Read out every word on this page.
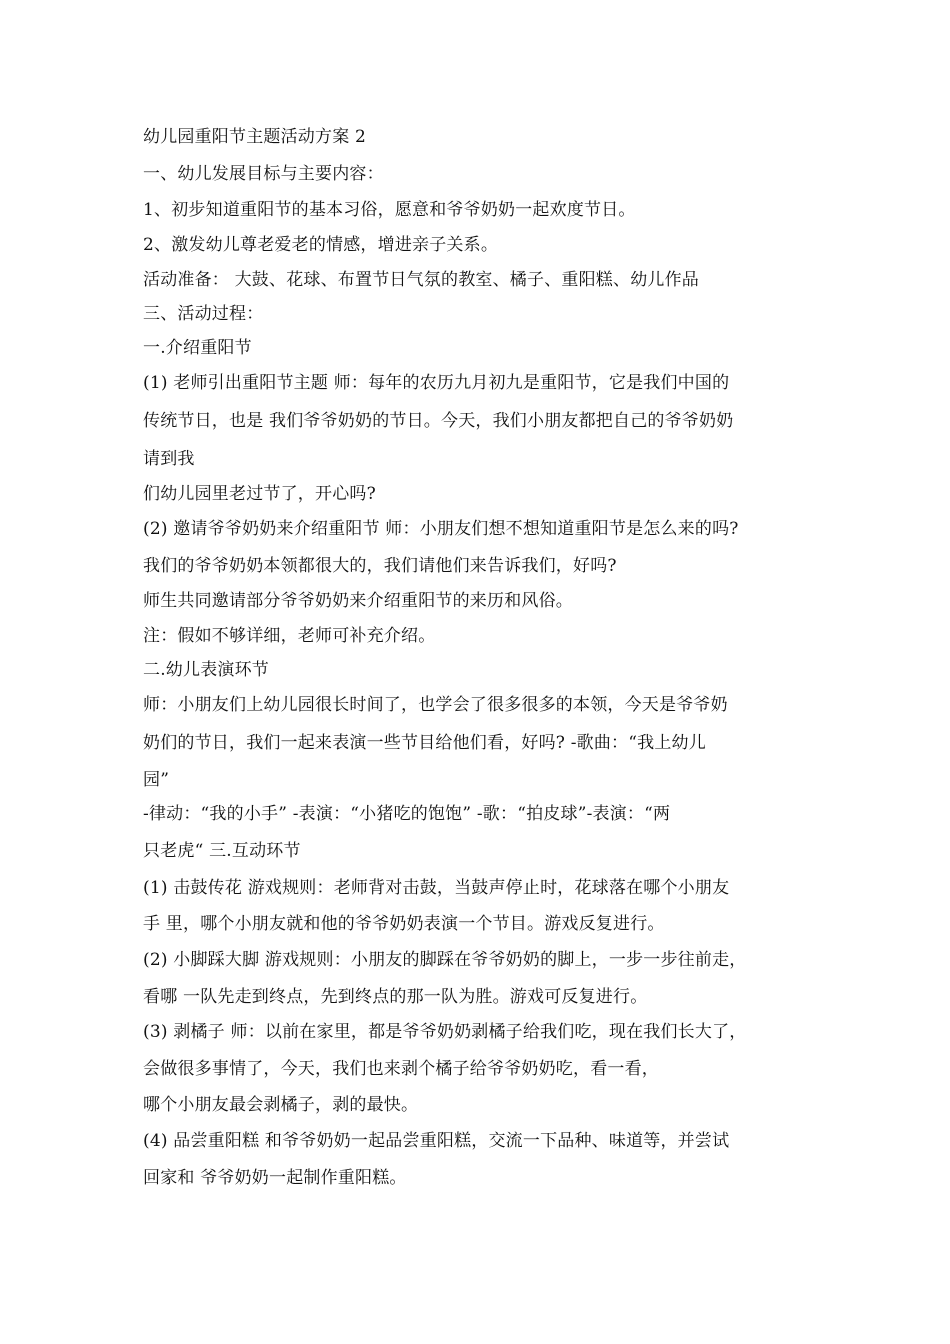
幼儿园重阳节主题活动方案 2
一、幼儿发展目标与主要内容：
1、初步知道重阳节的基本习俗，愿意和爷爷奶奶一起欢度节日。
2、激发幼儿尊老爱老的情感，增进亲子关系。
活动准备： 大鼓、花球、布置节日气氛的教室、橘子、重阳糕、幼儿作品
三、活动过程：
一.介绍重阳节
(1) 老师引出重阳节主题 师：每年的农历九月初九是重阳节，它是我们中国的
传统节日，也是 我们爷爷奶奶的节日。今天，我们小朋友都把自己的爷爷奶奶
请到我
们幼儿园里老过节了，开心吗?
(2) 邀请爷爷奶奶来介绍重阳节 师：小朋友们想不想知道重阳节是怎么来的吗?
我们的爷爷奶奶本领都很大的，我们请他们来告诉我们，好吗?
师生共同邀请部分爷爷奶奶来介绍重阳节的来历和风俗。
注：假如不够详细，老师可补充介绍。
二.幼儿表演环节
师：小朋友们上幼儿园很长时间了，也学会了很多很多的本领，今天是爷爷奶
奶们的节日，我们一起来表演一些节目给他们看，好吗? -歌曲：“我上幼儿
园”
-律动：“我的小手” -表演：“小猪吃的饱饱” -歌：“拍皮球”-表演：“两
只老虎“ 三.互动环节
(1) 击鼓传花 游戏规则：老师背对击鼓，当鼓声停止时，花球落在哪个小朋友
手 里，哪个小朋友就和他的爷爷奶奶表演一个节目。游戏反复进行。
(2) 小脚踩大脚 游戏规则：小朋友的脚踩在爷爷奶奶的脚上，一步一步往前走，
看哪 一队先走到终点，先到终点的那一队为胜。游戏可反复进行。
(3) 剥橘子 师：以前在家里，都是爷爷奶奶剥橘子给我们吃，现在我们长大了，
会做很多事情了，今天，我们也来剥个橘子给爷爷奶奶吃，看一看，
哪个小朋友最会剥橘子，剥的最快。
(4) 品尝重阳糕 和爷爷奶奶一起品尝重阳糕，交流一下品种、味道等，并尝试
回家和 爷爷奶奶一起制作重阳糕。
